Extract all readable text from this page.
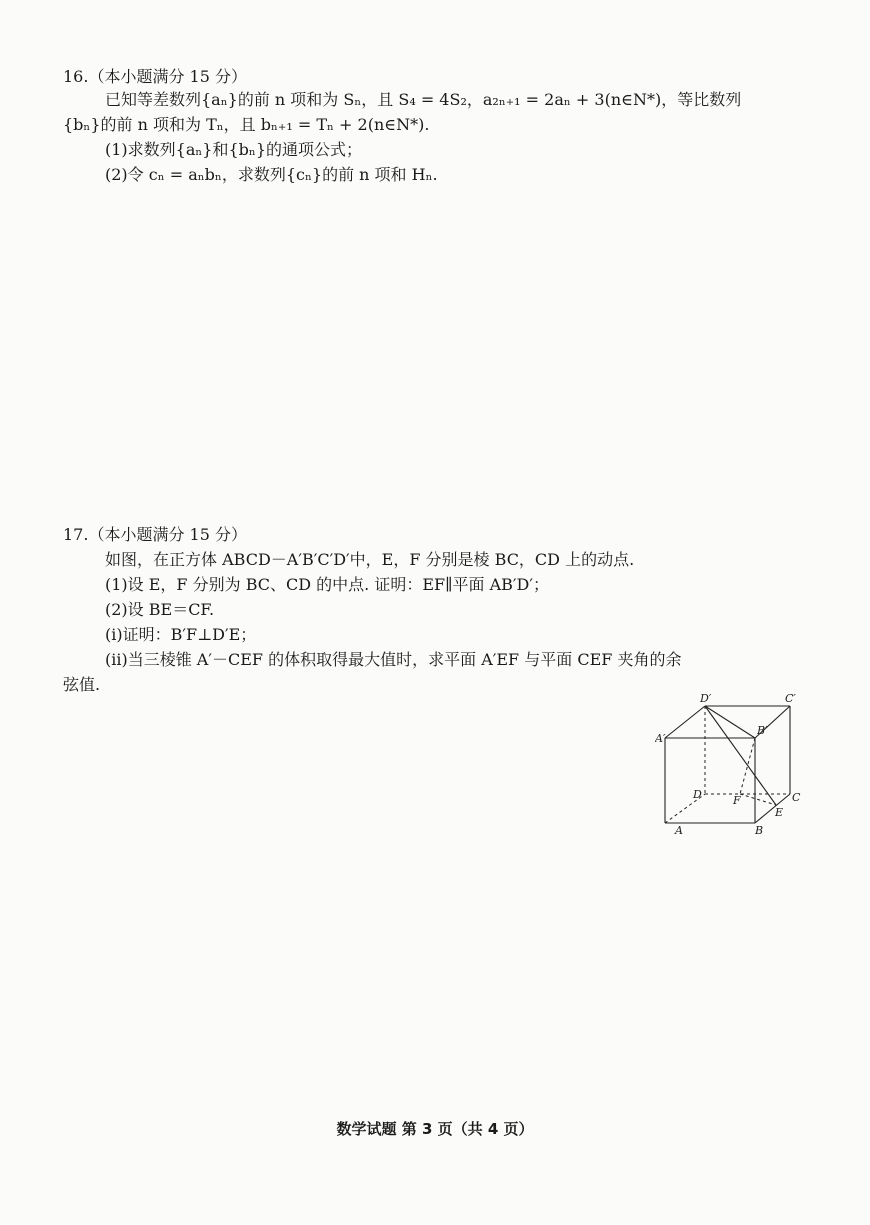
16.（本小题满分 15 分）
已知等差数列{aₙ}的前 n 项和为 Sₙ，且 S₄ = 4S₂，a₂ₙ₊₁ = 2aₙ + 3(n∈N*)，等比数列
{bₙ}的前 n 项和为 Tₙ，且 bₙ₊₁ = Tₙ + 2(n∈N*).
(1)求数列{aₙ}和{bₙ}的通项公式；
(2)令 cₙ = aₙbₙ，求数列{cₙ}的前 n 项和 Hₙ.
17.（本小题满分 15 分）
如图，在正方体 ABCD－A′B′C′D′中，E，F 分别是棱 BC，CD 上的动点.
(1)设 E，F 分别为 BC、CD 的中点. 证明：EF∥平面 AB′D′；
(2)设 BE＝CF.
(ⅰ)证明：B′F⊥D′E；
(ⅱ)当三棱锥 A′－CEF 的体积取得最大值时，求平面 A′EF 与平面 CEF 夹角的余
弦值.
D′	C′
A′
B′
D	F	C
E
A	B
数学试题 第 3 页（共 4 页）
